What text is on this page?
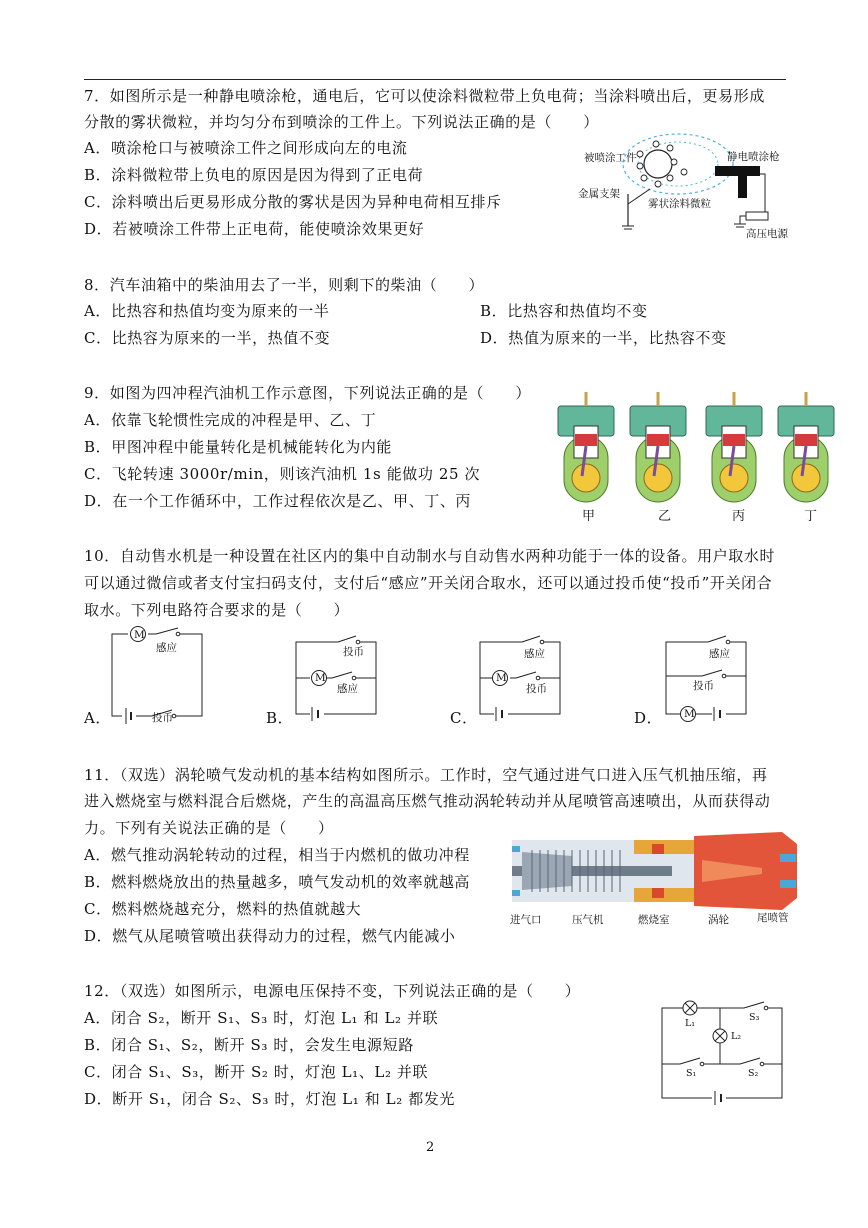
7．如图所示是一种静电喷涂枪，通电后，它可以使涂料微粒带上负电荷；当涂料喷出后，更易形成
分散的雾状微粒，并均匀分布到喷涂的工件上。下列说法正确的是（　　）
A．喷涂枪口与被喷涂工件之间形成向左的电流
B．涂料微粒带上负电的原因是因为得到了正电荷
C．涂料喷出后更易形成分散的雾状是因为异种电荷相互排斥
D．若被喷涂工件带上正电荷，能使喷涂效果更好
被喷涂工件	静电喷涂枪
金属支架
雾状涂料微粒
高压电源
8．汽车油箱中的柴油用去了一半，则剩下的柴油（　　）
A．比热容和热值均变为原来的一半	B．比热容和热值均不变
C．比热容为原来的一半，热值不变	D．热值为原来的一半，比热容不变
9．如图为四冲程汽油机工作示意图，下列说法正确的是（　　）
A．依靠飞轮惯性完成的冲程是甲、乙、丁
B．甲图冲程中能量转化是机械能转化为内能
C．飞轮转速 3000r/min，则该汽油机 1s 能做功 25 次
D．在一个工作循环中，工作过程依次是乙、甲、丁、丙
甲	乙	丙	丁
10．自动售水机是一种设置在社区内的集中自动制水与自动售水两种功能于一体的设备。用户取水时
可以通过微信或者支付宝扫码支付，支付后“感应”开关闭合取水，还可以通过投币使“投币”开关闭合
取水。下列电路符合要求的是（　　）
M
感应
投币
A．
投币
M
感应
B．
感应
M
投币
C．
感应
投币
M
D．
11．（双选）涡轮喷气发动机的基本结构如图所示。工作时，空气通过进气口进入压气机抽压缩，再
进入燃烧室与燃料混合后燃烧，产生的高温高压燃气推动涡轮转动并从尾喷管高速喷出，从而获得动
力。下列有关说法正确的是（　　）
A．燃气推动涡轮转动的过程，相当于内燃机的做功冲程
B．燃料燃烧放出的热量越多，喷气发动机的效率就越高
C．燃料燃烧越充分，燃料的热值就越大
D．燃气从尾喷管喷出获得动力的过程，燃气内能减小
进气口	压气机	燃烧室	涡轮	尾喷管
12．（双选）如图所示，电源电压保持不变，下列说法正确的是（　　）
A．闭合 S₂，断开 S₁、S₃ 时，灯泡 L₁ 和 L₂ 并联
B．闭合 S₁、S₂，断开 S₃ 时，会发生电源短路
C．闭合 S₁、S₃，断开 S₂ 时，灯泡 L₁、L₂ 并联
D．断开 S₁，闭合 S₂、S₃ 时，灯泡 L₁ 和 L₂ 都发光
L₁
L₂
S₁	S₂
S₃
2
